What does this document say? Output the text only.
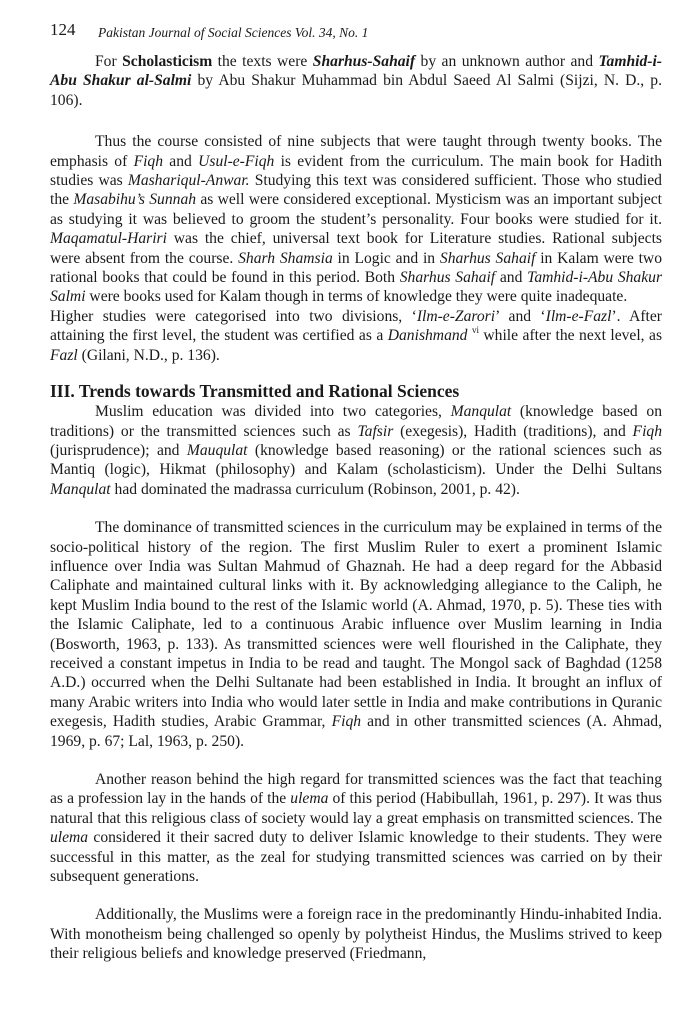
124 Pakistan Journal of Social Sciences Vol. 34, No. 1

For Scholasticism the texts were Sharhus-Sahaif by an unknown author and Tamhid-i-Abu Shakur al-Salmi by Abu Shakur Muhammad bin Abdul Saeed Al Salmi (Sijzi, N. D., p. 106).

Thus the course consisted of nine subjects that were taught through twenty books. The emphasis of Fiqh and Usul-e-Fiqh is evident from the curriculum. The main book for Hadith studies was Mashariqul-Anwar. Studying this text was considered sufficient. Those who studied the Masabihu’s Sunnah as well were considered exceptional. Mysticism was an important subject as studying it was believed to groom the student’s personality. Four books were studied for it. Maqamatul-Hariri was the chief, universal text book for Literature studies. Rational subjects were absent from the course. Sharh Shamsia in Logic and in Sharhus Sahaif in Kalam were two rational books that could be found in this period. Both Sharhus Sahaif and Tamhid-i-Abu Shakur Salmi were books used for Kalam though in terms of knowledge they were quite inadequate.

Higher studies were categorised into two divisions, ‘Ilm-e-Zarori’ and ‘Ilm-e-Fazl’. After attaining the first level, the student was certified as a Danishmand $^{vi}$ while after the next level, as Fazl (Gilani, N.D., p. 136).

III. Trends towards Transmitted and Rational Sciences

Muslim education was divided into two categories, Manqulat (knowledge based on traditions) or the transmitted sciences such as Tafsir (exegesis), Hadith (traditions), and Fiqh (jurisprudence); and Mauqulat (knowledge based reasoning) or the rational sciences such as Mantiq (logic), Hikmat (philosophy) and Kalam (scholasticism). Under the Delhi Sultans Manqulat had dominated the madrassa curriculum (Robinson, 2001, p. 42).

The dominance of transmitted sciences in the curriculum may be explained in terms of the socio-political history of the region. The first Muslim Ruler to exert a prominent Islamic influence over India was Sultan Mahmud of Ghaznah. He had a deep regard for the Abbasid Caliphate and maintained cultural links with it. By acknowledging allegiance to the Caliph, he kept Muslim India bound to the rest of the Islamic world (A. Ahmad, 1970, p. 5). These ties with the Islamic Caliphate, led to a continuous Arabic influence over Muslim learning in India (Bosworth, 1963, p. 133). As transmitted sciences were well flourished in the Caliphate, they received a constant impetus in India to be read and taught. The Mongol sack of Baghdad (1258 A.D.) occurred when the Delhi Sultanate had been established in India. It brought an influx of many Arabic writers into India who would later settle in India and make contributions in Quranic exegesis, Hadith studies, Arabic Grammar, Fiqh and in other transmitted sciences (A. Ahmad, 1969, p. 67; Lal, 1963, p. 250).

Another reason behind the high regard for transmitted sciences was the fact that teaching as a profession lay in the hands of the ulema of this period (Habibullah, 1961, p. 297). It was thus natural that this religious class of society would lay a great emphasis on transmitted sciences. The ulema considered it their sacred duty to deliver Islamic knowledge to their students. They were successful in this matter, as the zeal for studying transmitted sciences was carried on by their subsequent generations.

Additionally, the Muslims were a foreign race in the predominantly Hindu-inhabited India. With monotheism being challenged so openly by polytheist Hindus, the Muslims strived to keep their religious beliefs and knowledge preserved (Friedmann,
